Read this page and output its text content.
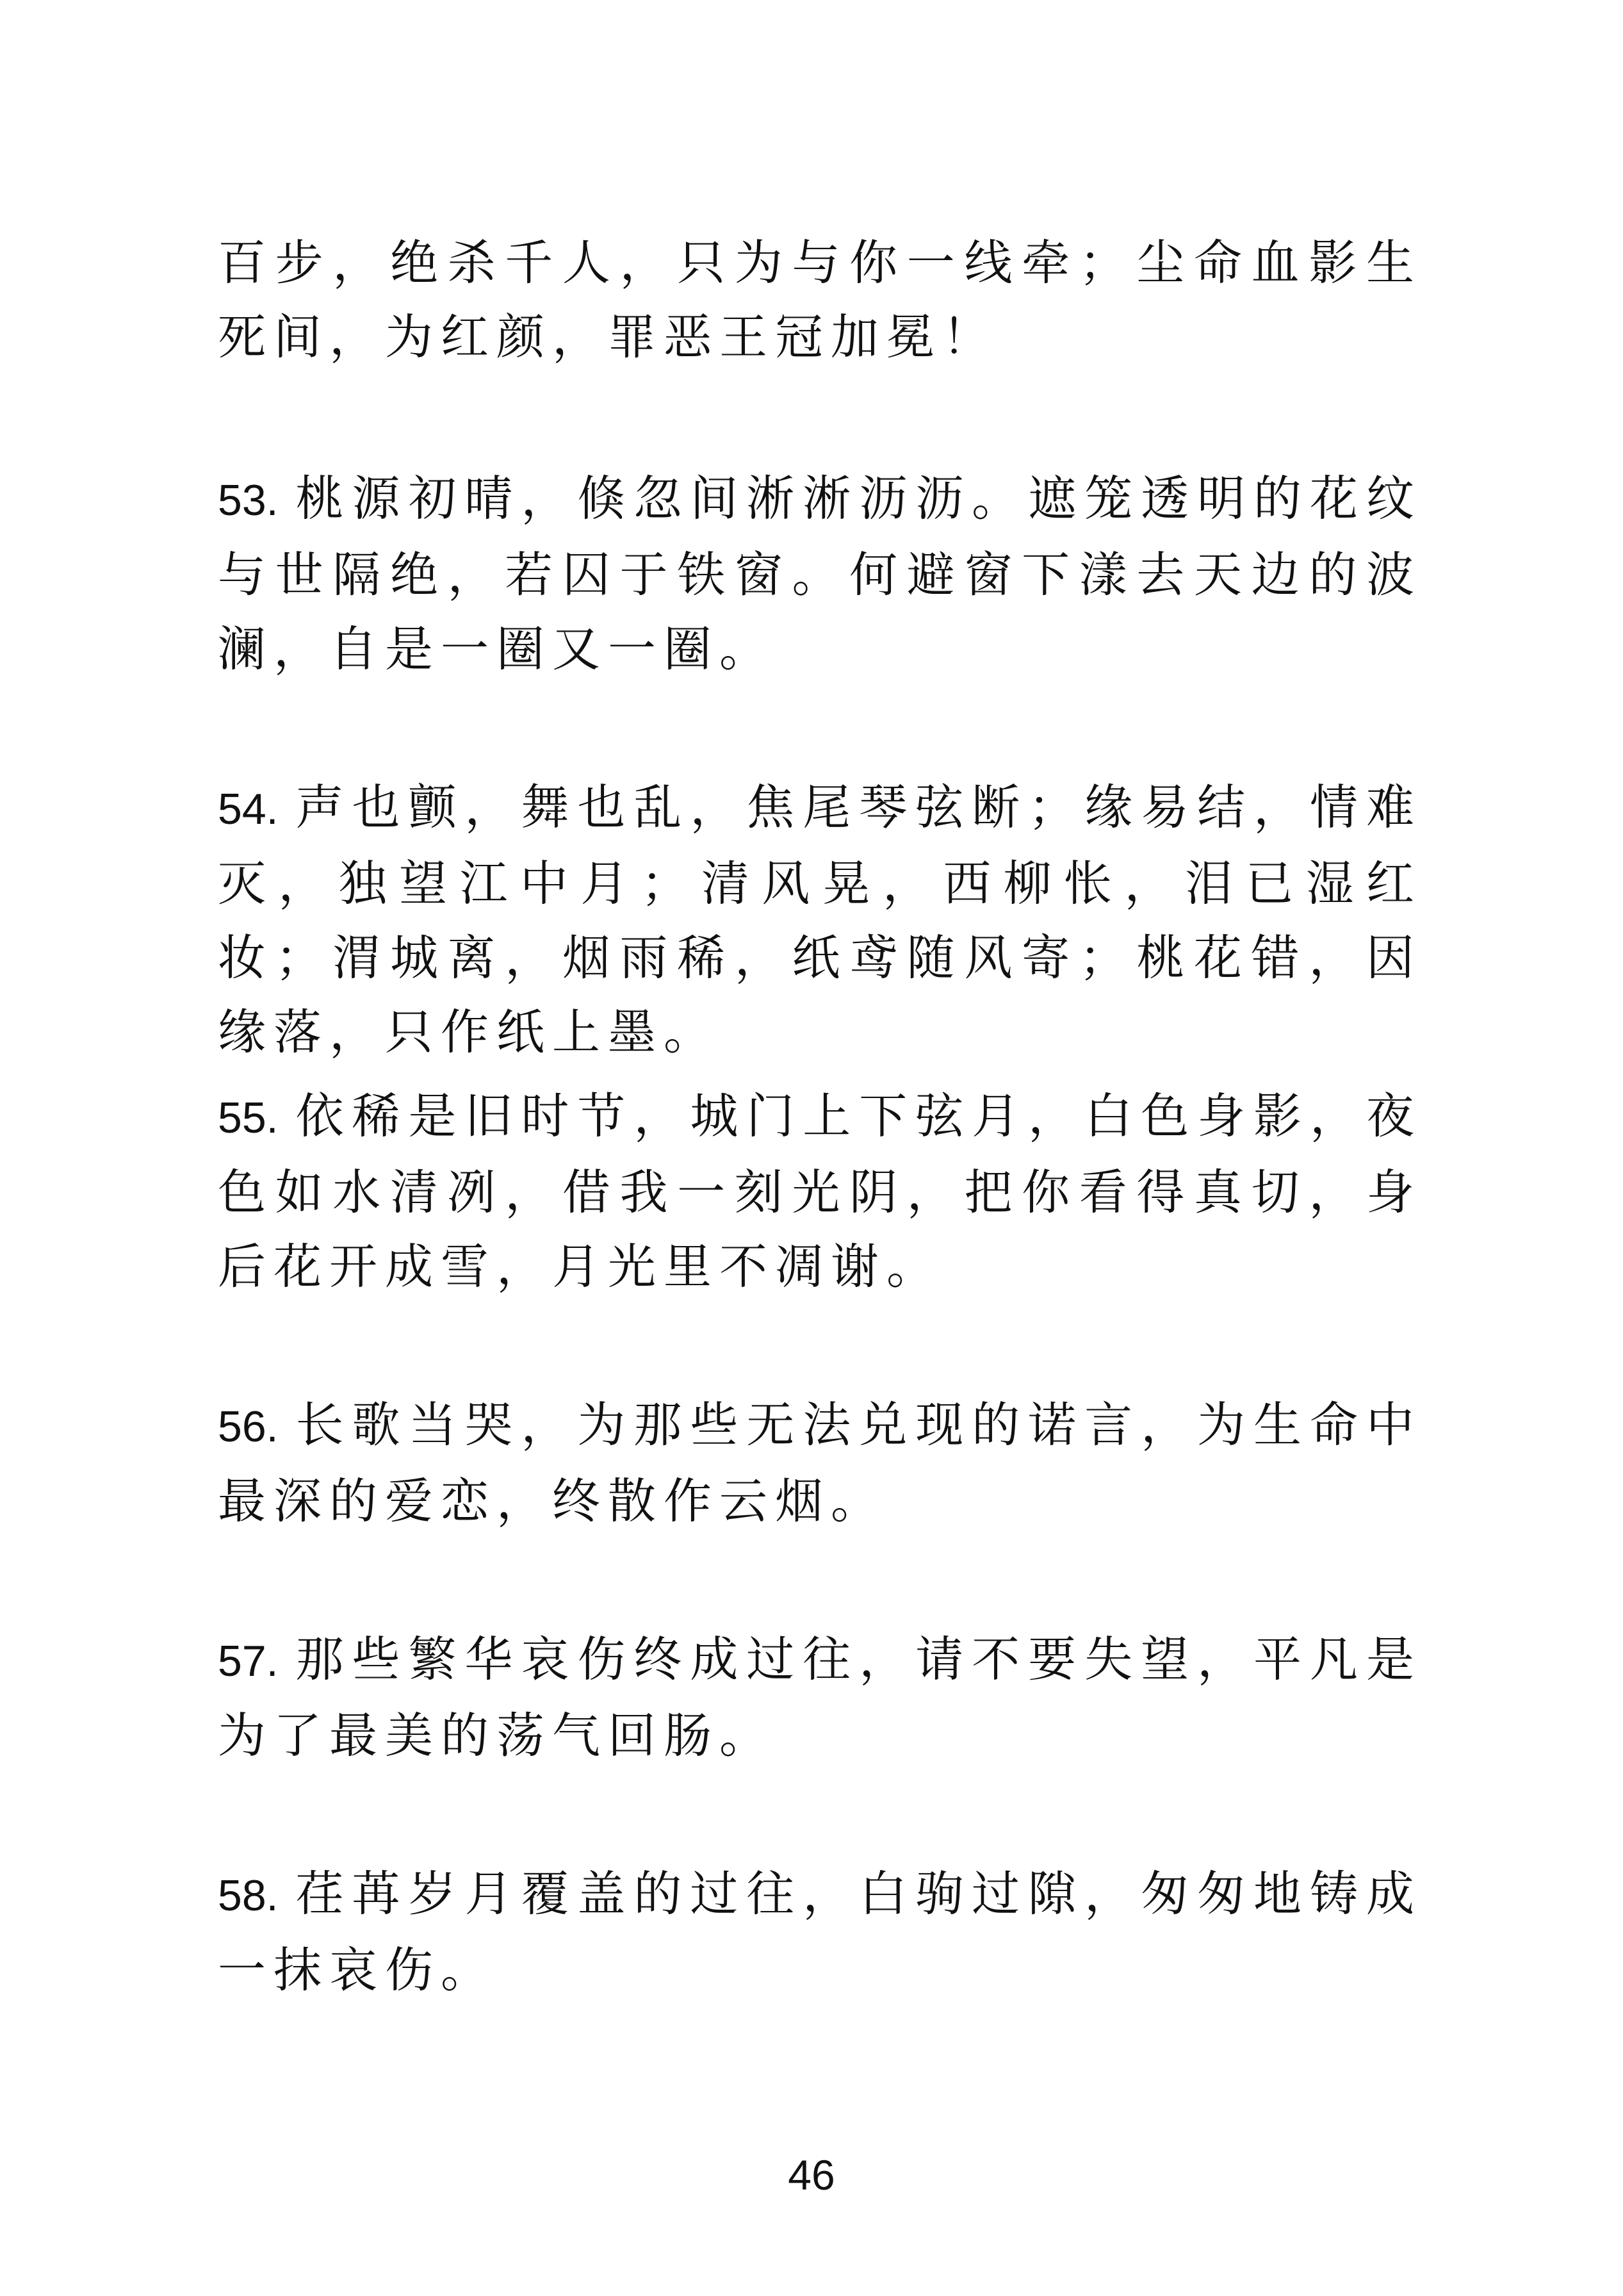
百步，绝杀千人，只为与你一线牵；尘命血影生死间，为红颜，罪恶王冠加冕！

53. 桃源初晴，倏忽间淅淅沥沥。遮笼透明的花纹与世隔绝，若囚于铁窗。何避窗下漾去天边的波澜，自是一圈又一圈。

54. 声也颤，舞也乱，焦尾琴弦断；缘易结，情难灭，独望江中月；清风晃，西柳怅，泪已湿红妆；渭城离，烟雨稀，纸鸢随风寄；桃花错，因缘落，只作纸上墨。

55. 依稀是旧时节，城门上下弦月，白色身影，夜色如水清冽，借我一刻光阴，把你看得真切，身后花开成雪，月光里不凋谢。

56. 长歌当哭，为那些无法兑现的诺言，为生命中最深的爱恋，终散作云烟。

57. 那些繁华哀伤终成过往，请不要失望，平凡是为了最美的荡气回肠。

58. 荏苒岁月覆盖的过往，白驹过隙，匆匆地铸成一抹哀伤。

46
